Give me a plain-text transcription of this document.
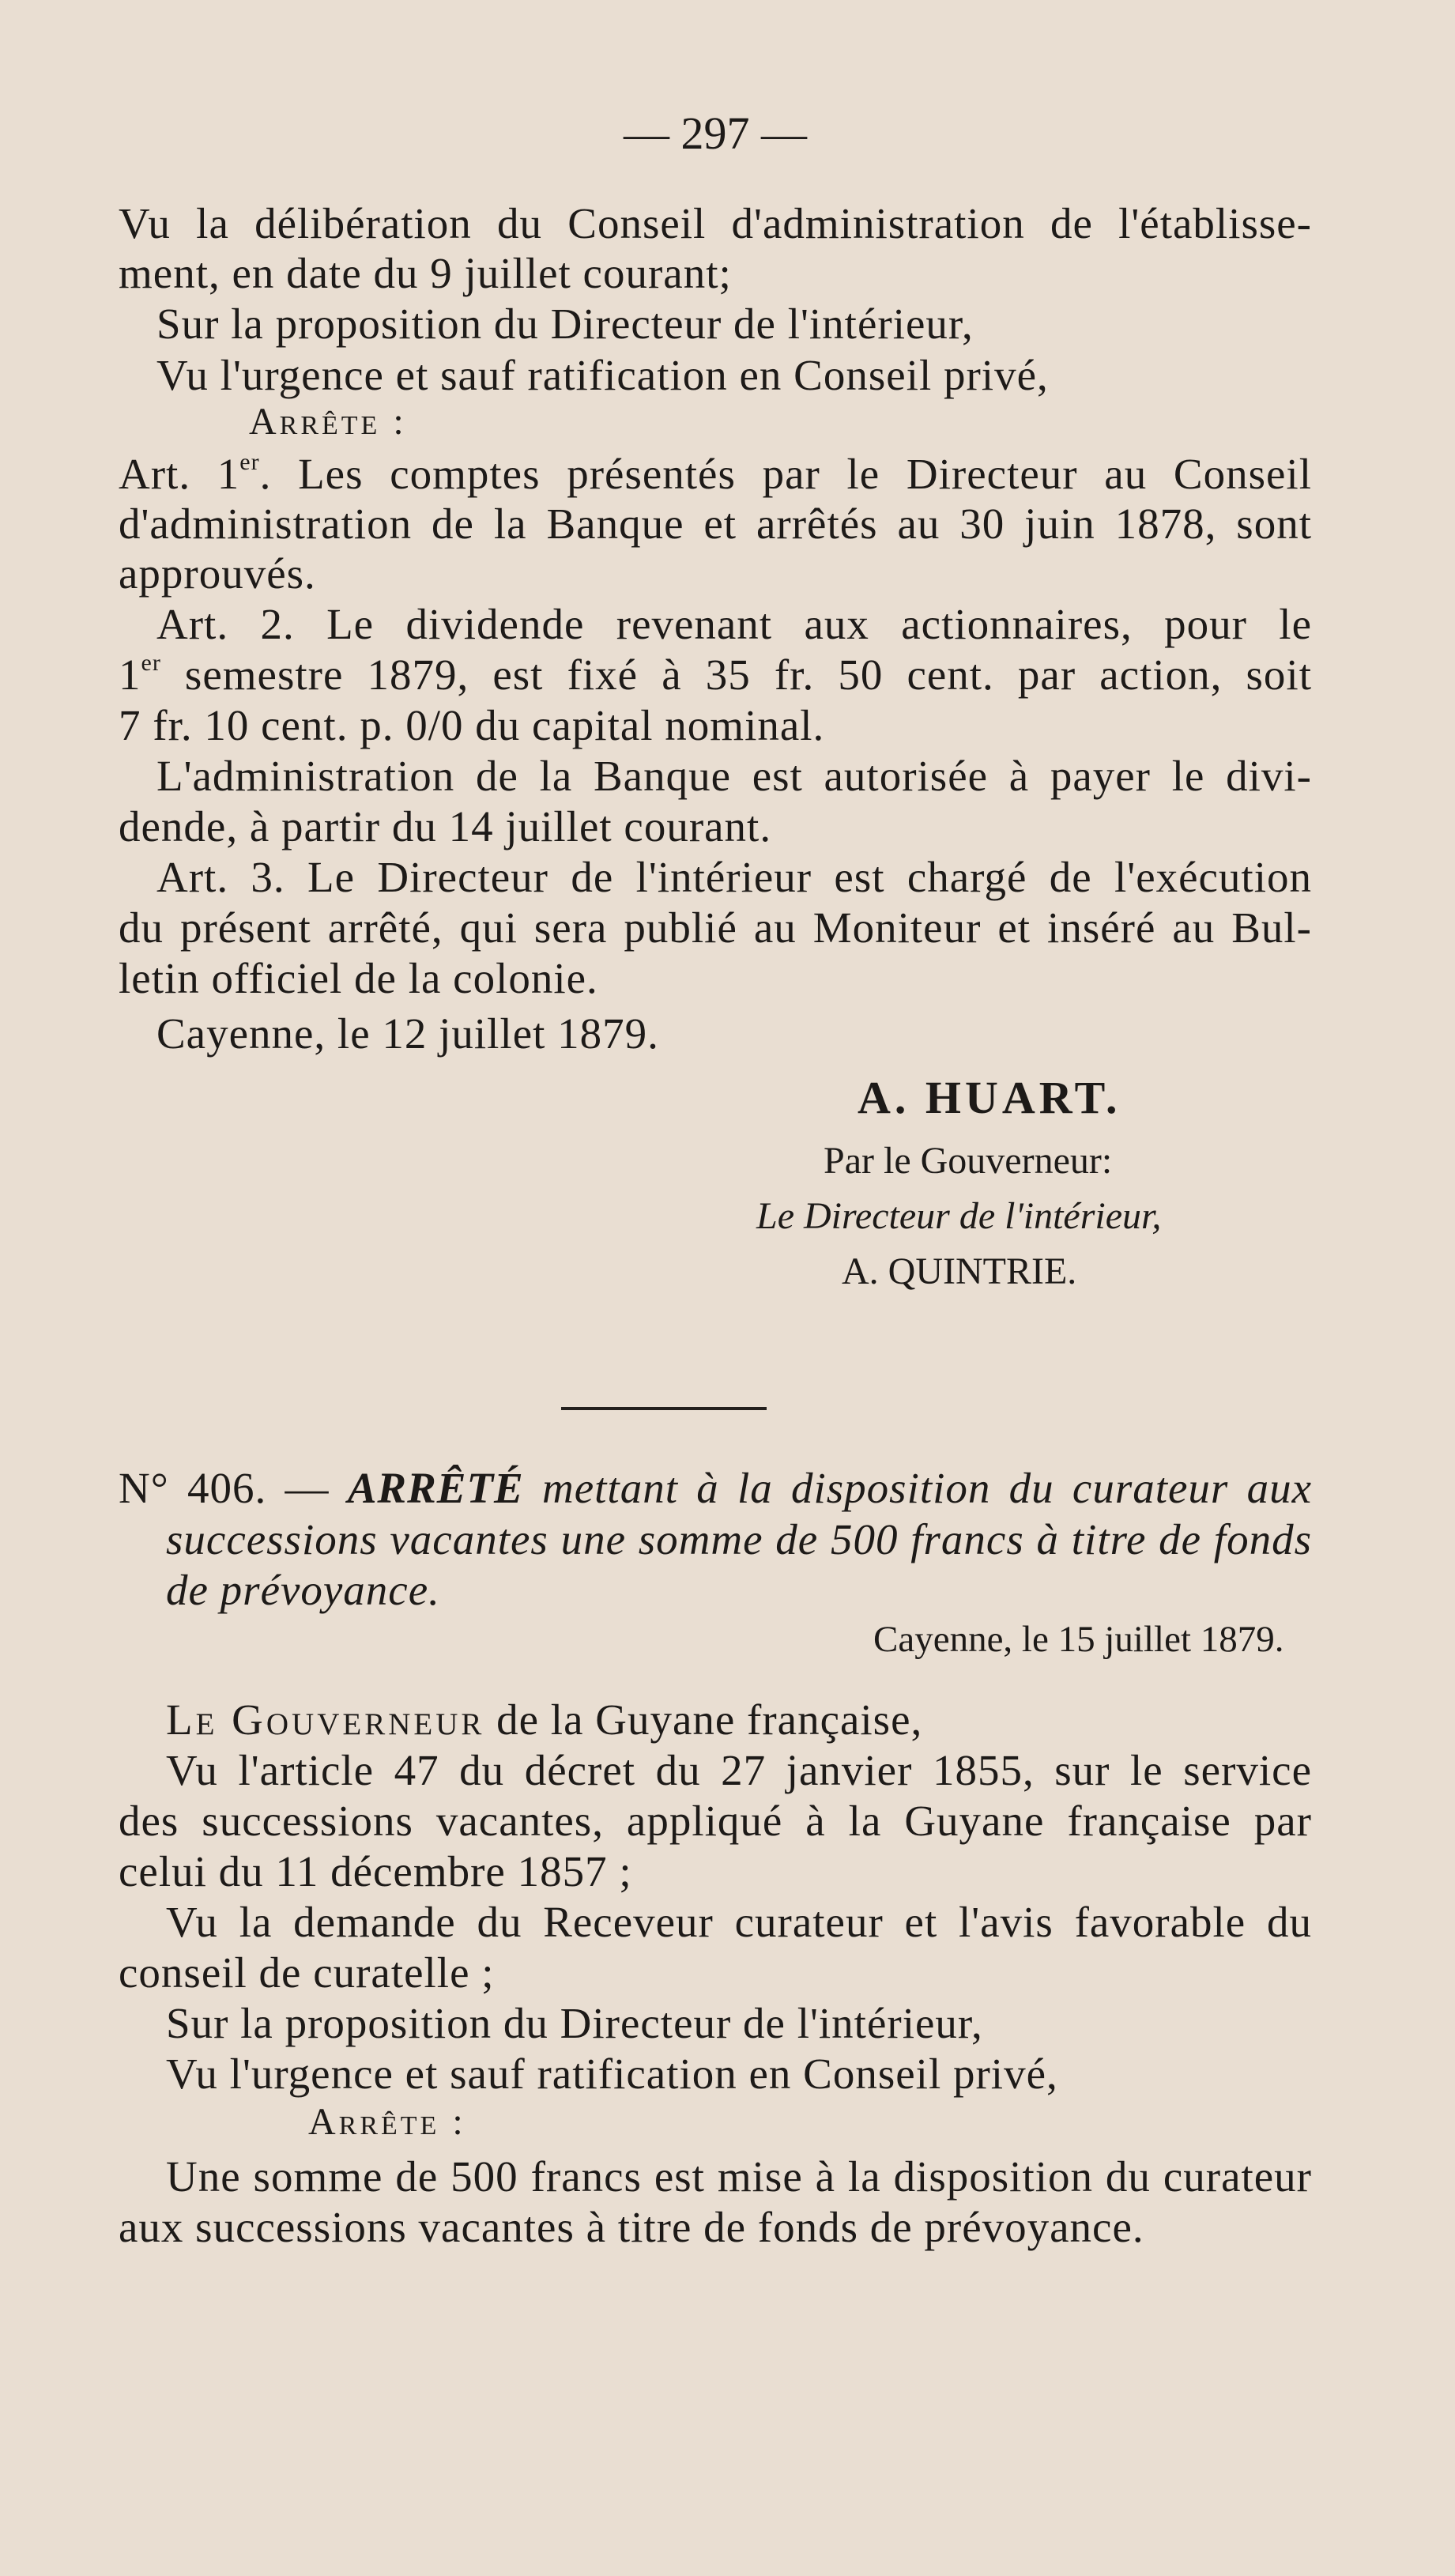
— 297 —
Vu la délibération du Conseil d'administration de l'établisse-
ment, en date du 9 juillet courant;
Sur la proposition du Directeur de l'intérieur,
Vu l'urgence et sauf ratification en Conseil privé,
Arrête :
Art. 1er. Les comptes présentés par le Directeur au Conseil
d'administration de la Banque et arrêtés au 30 juin 1878, sont
approuvés.
Art. 2. Le dividende revenant aux actionnaires, pour le
1er semestre 1879, est fixé à 35 fr. 50 cent. par action, soit
7 fr. 10 cent. p. 0/0 du capital nominal.
L'administration de la Banque est autorisée à payer le divi-
dende, à partir du 14 juillet courant.
Art. 3. Le Directeur de l'intérieur est chargé de l'exécution
du présent arrêté, qui sera publié au Moniteur et inséré au Bul-
letin officiel de la colonie.
Cayenne, le 12 juillet 1879.
A. HUART.
Par le Gouverneur:
Le Directeur de l'intérieur,
A. QUINTRIE.
N° 406. — ARRÊTÉ mettant à la disposition du curateur aux
successions vacantes une somme de 500 francs à titre de fonds
de prévoyance.
Cayenne, le 15 juillet 1879.
Le Gouverneur de la Guyane française,
Vu l'article 47 du décret du 27 janvier 1855, sur le service
des successions vacantes, appliqué à la Guyane française par
celui du 11 décembre 1857 ;
Vu la demande du Receveur curateur et l'avis favorable du
conseil de curatelle ;
Sur la proposition du Directeur de l'intérieur,
Vu l'urgence et sauf ratification en Conseil privé,
Arrête :
Une somme de 500 francs est mise à la disposition du curateur
aux successions vacantes à titre de fonds de prévoyance.
